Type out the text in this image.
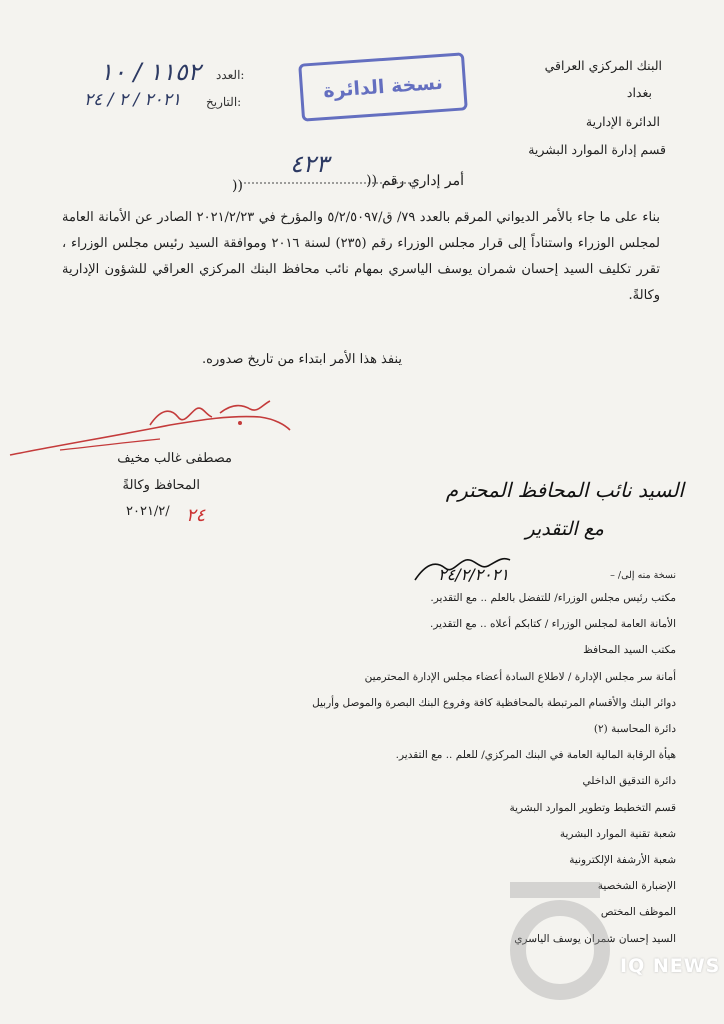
البنك المركزي العراقي
بغداد
الدائرة الإدارية
قسم إدارة الموارد البشرية
العدد:
١١٥٢ / ١٠
التاريخ:
٢٠٢١ / ٢ / ٢٤	نسخة الدائرة
أمر إداري رقم ((
))
٤٢٣
بناء على ما جاء بالأمر الديواني المرقم بالعدد ٧٩/ ق/٥/٢/٥٠٩٧ والمؤرخ في ٢٠٢١/٢/٢٣ الصادر عن الأمانة العامة لمجلس الوزراء واستناداً إلى قرار مجلس الوزراء رقم (٢٣٥) لسنة ٢٠١٦ وموافقة السيد رئيس مجلس الوزراء ، تقرر تكليف السيد إحسان شمران يوسف الياسري بمهام نائب محافظ البنك المركزي العراقي للشؤون الإدارية وكالةً.
ينفذ هذا الأمر ابتداء من تاريخ صدوره.
مصطفى غالب مخيف
المحافظ وكالةً
٢٠٢١/٢/ ٢٤
السيد نائب المحافظ المحترم
مع التقدير
٢٤/٢/٢٠٢١	نسخة منه إلى/ –
مكتب رئيس مجلس الوزراء/ للتفضل بالعلم .. مع التقدير.
الأمانة العامة لمجلس الوزراء / كتابكم أعلاه .. مع التقدير.
مكتب السيد المحافظ
أمانة سر مجلس الإدارة / لاطلاع السادة أعضاء مجلس الإدارة المحترمين
دوائر البنك والأقسام المرتبطة بالمحافظية كافة وفروع البنك البصرة والموصل وأربيل
دائرة المحاسبة (٢)
هيأة الرقابة المالية العامة في البنك المركزي/ للعلم .. مع التقدير.
دائرة التدقيق الداخلي
قسم التخطيط وتطوير الموارد البشرية
شعبة تقنية الموارد البشرية
شعبة الأرشفة الإلكترونية
الإضبارة الشخصية
الموظف المختص
السيد إحسان شمران يوسف الياسري
IQ NEWS
